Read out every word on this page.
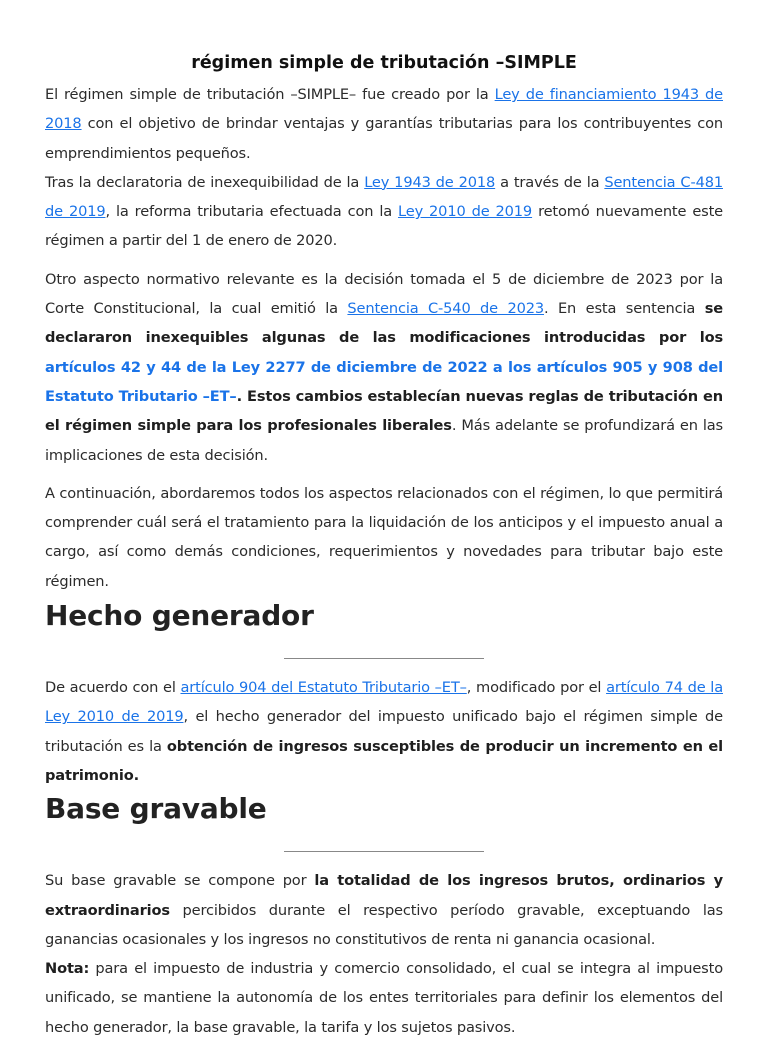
régimen simple de tributación –SIMPLE

El régimen simple de tributación –SIMPLE– fue creado por la Ley de financiamiento 1943 de 2018 con el objetivo de brindar ventajas y garantías tributarias para los contribuyentes con emprendimientos pequeños.

Tras la declaratoria de inexequibilidad de la Ley 1943 de 2018 a través de la Sentencia C-481 de 2019, la reforma tributaria efectuada con la Ley 2010 de 2019 retomó nuevamente este régimen a partir del 1 de enero de 2020.

Otro aspecto normativo relevante es la decisión tomada el 5 de diciembre de 2023 por la Corte Constitucional, la cual emitió la Sentencia C-540 de 2023. En esta sentencia se declararon inexequibles algunas de las modificaciones introducidas por los artículos 42 y 44 de la Ley 2277 de diciembre de 2022 a los artículos 905 y 908 del Estatuto Tributario –ET–. Estos cambios establecían nuevas reglas de tributación en el régimen simple para los profesionales liberales. Más adelante se profundizará en las implicaciones de esta decisión.

A continuación, abordaremos todos los aspectos relacionados con el régimen, lo que permitirá comprender cuál será el tratamiento para la liquidación de los anticipos y el impuesto anual a cargo, así como demás condiciones, requerimientos y novedades para tributar bajo este régimen.

Hecho generador

De acuerdo con el artículo 904 del Estatuto Tributario –ET–, modificado por el artículo 74 de la Ley 2010 de 2019, el hecho generador del impuesto unificado bajo el régimen simple de tributación es la obtención de ingresos susceptibles de producir un incremento en el patrimonio.

Base gravable

Su base gravable se compone por la totalidad de los ingresos brutos, ordinarios y extraordinarios percibidos durante el respectivo período gravable, exceptuando las ganancias ocasionales y los ingresos no constitutivos de renta ni ganancia ocasional.

Nota: para el impuesto de industria y comercio consolidado, el cual se integra al impuesto unificado, se mantiene la autonomía de los entes territoriales para definir los elementos del hecho generador, la base gravable, la tarifa y los sujetos pasivos.
